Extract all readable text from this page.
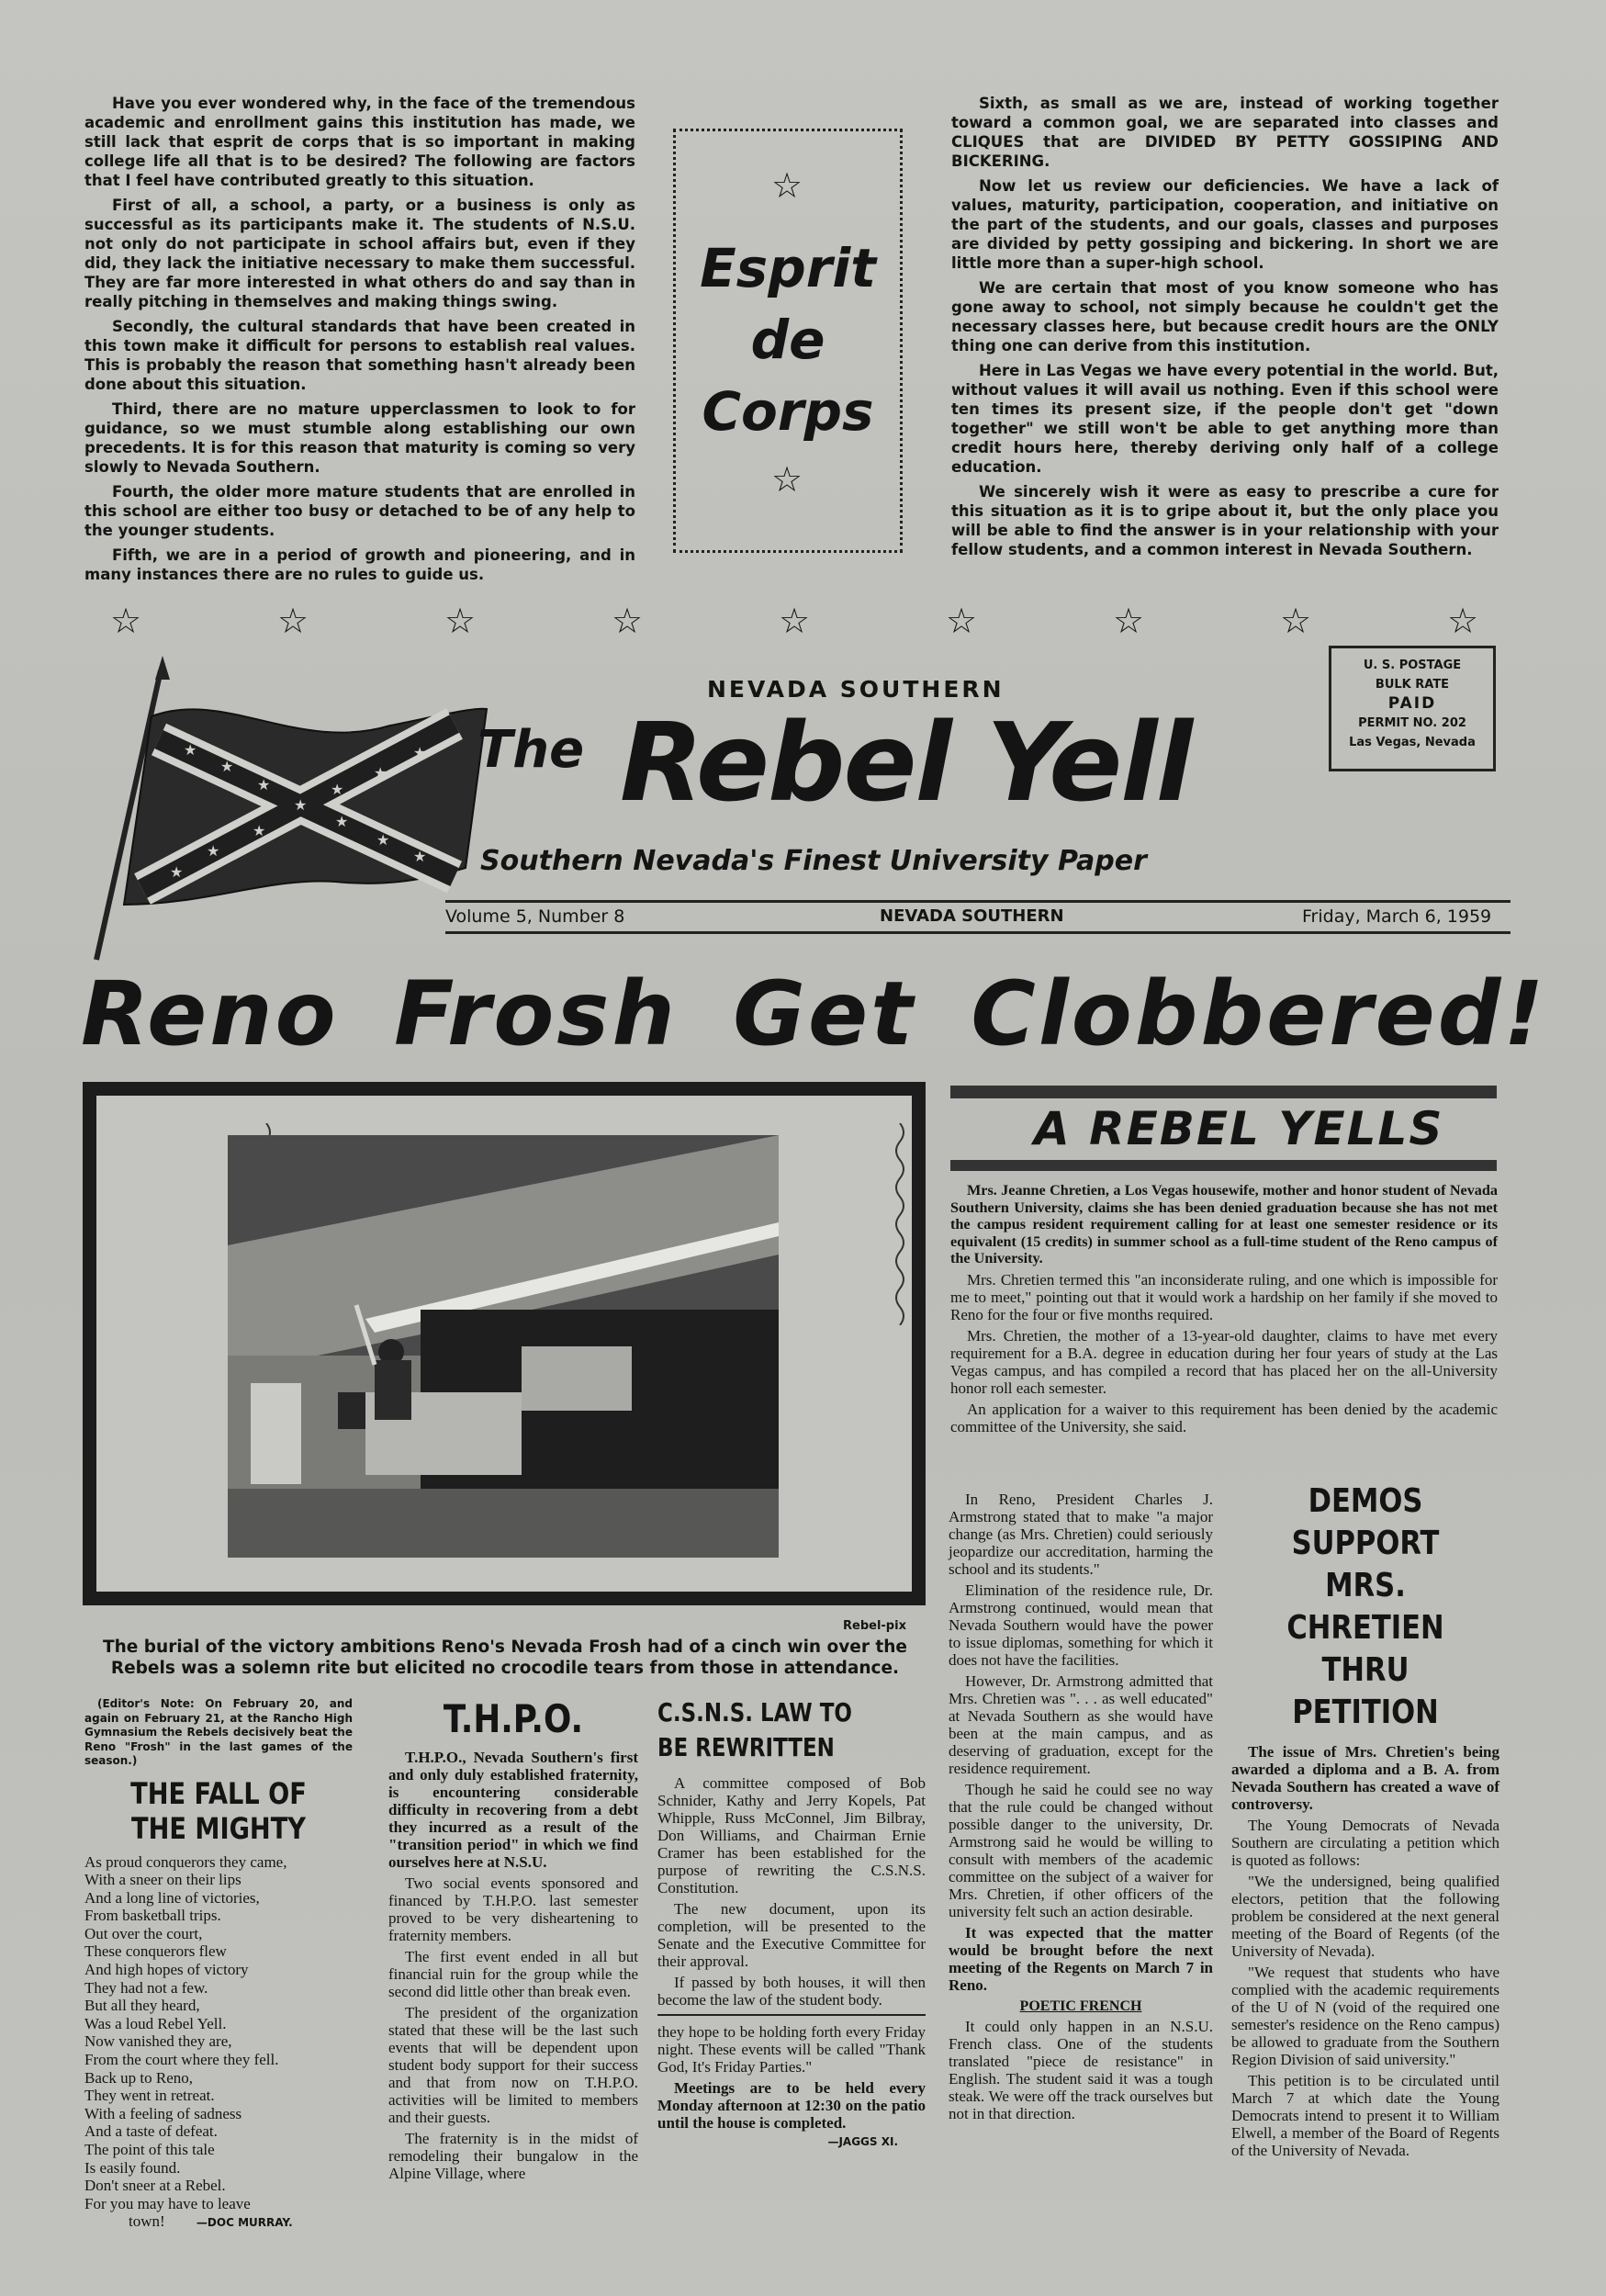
Have you ever wondered why, in the face of the tremendous academic and enrollment gains this institution has made, we still lack that esprit de corps that is so important in making college life all that is to be desired? The following are factors that I feel have contributed greatly to this situation.

First of all, a school, a party, or a business is only as successful as its participants make it. The students of N.S.U. not only do not participate in school affairs but, even if they did, they lack the initiative necessary to make them successful. They are far more interested in what others do and say than in really pitching in themselves and making things swing.

Secondly, the cultural standards that have been created in this town make it difficult for persons to establish real values. This is probably the reason that something hasn't already been done about this situation.

Third, there are no mature upperclassmen to look to for guidance, so we must stumble along establishing our own precedents. It is for this reason that maturity is coming so very slowly to Nevada Southern.

Fourth, the older more mature students that are enrolled in this school are either too busy or detached to be of any help to the younger students.

Fifth, we are in a period of growth and pioneering, and in many instances there are no rules to guide us.

☆
Esprit
de
Corps
☆

Sixth, as small as we are, instead of working together toward a common goal, we are separated into classes and CLIQUES that are DIVIDED BY PETTY GOSSIPING AND BICKERING.

Now let us review our deficiencies. We have a lack of values, maturity, participation, cooperation, and initiative on the part of the students, and our goals, classes and purposes are divided by petty gossiping and bickering. In short we are little more than a super-high school.

We are certain that most of you know someone who has gone away to school, not simply because he couldn't get the necessary classes here, but because credit hours are the ONLY thing one can derive from this institution.

Here in Las Vegas we have every potential in the world. But, without values it will avail us nothing. Even if this school were ten times its present size, if the people don't get "down together" we still won't be able to get anything more than credit hours here, thereby deriving only half of a college education.

We sincerely wish it were as easy to prescribe a cure for this situation as it is to gripe about it, but the only place you will be able to find the answer is in your relationship with your fellow students, and a common interest in Nevada Southern.

☆	☆	☆	☆	☆	☆	☆	☆	☆
★
★
★
★
★
★
★
★
★
★
★
★
★
NEVADA SOUTHERN
The Rebel Yell
Southern Nevada's Finest University Paper
U. S. POSTAGE
BULK RATE
PAID
PERMIT NO. 202
Las Vegas, Nevada
Volume 5, Number 8	NEVADA SOUTHERN	Friday, March 6, 1959
Reno Frosh Get Clobbered!
Rebel-pix
The burial of the victory ambitions Reno's Nevada Frosh had of a cinch win over the Rebels was a solemn rite but elicited no crocodile tears from those in attendance.
A REBEL YELLS

Mrs. Jeanne Chretien, a Los Vegas housewife, mother and honor student of Nevada Southern University, claims she has been denied graduation because she has not met the campus resident requirement calling for at least one semester residence or its equivalent (15 credits) in summer school as a full-time student of the Reno campus of the University.

Mrs. Chretien termed this "an inconsiderate ruling, and one which is impossible for me to meet," pointing out that it would work a hardship on her family if she moved to Reno for the four or five months required.

Mrs. Chretien, the mother of a 13-year-old daughter, claims to have met every requirement for a B.A. degree in education during her four years of study at the Las Vegas campus, and has compiled a record that has placed her on the all-University honor roll each semester.

An application for a waiver to this requirement has been denied by the academic committee of the University, she said.

In Reno, President Charles J. Armstrong stated that to make "a major change (as Mrs. Chretien) could seriously jeopardize our accreditation, harming the school and its students."

Elimination of the residence rule, Dr. Armstrong continued, would mean that Nevada Southern would have the power to issue diplomas, something for which it does not have the facilities.

However, Dr. Armstrong admitted that Mrs. Chretien was ". . . as well educated" at Nevada Southern as she would have been at the main campus, and as deserving of graduation, except for the residence requirement.

Though he said he could see no way that the rule could be changed without possible danger to the university, Dr. Armstrong said he would be willing to consult with members of the academic committee on the subject of a waiver for Mrs. Chretien, if other officers of the university felt such an action desirable.

It was expected that the matter would be brought before the next meeting of the Regents on March 7 in Reno.

POETIC FRENCH

It could only happen in an N.S.U. French class. One of the students translated "piece de resistance" in English. The student said it was a tough steak. We were off the track ourselves but not in that direction.

DEMOS SUPPORT
MRS. CHRETIEN
THRU PETITION

The issue of Mrs. Chretien's being awarded a diploma and a B. A. from Nevada Southern has created a wave of controversy.

The Young Democrats of Nevada Southern are circulating a petition which is quoted as follows:

"We the undersigned, being qualified electors, petition that the following problem be considered at the next general meeting of the Board of Regents (of the University of Nevada).

"We request that students who have complied with the academic requirements of the U of N (void of the required one semester's residence on the Reno campus) be allowed to graduate from the Southern Region Division of said university."

This petition is to be circulated until March 7 at which date the Young Democrats intend to present it to William Elwell, a member of the Board of Regents of the University of Nevada.

(Editor's Note: On February 20, and again on February 21, at the Rancho High Gymnasium the Rebels decisively beat the Reno "Frosh" in the last games of the season.)
THE FALL OF
THE MIGHTY
As proud conquerors they came,
With a sneer on their lips
And a long line of victories,
From basketball trips.
Out over the court,
These conquerors flew
And high hopes of victory
They had not a few.
But all they heard,
Was a loud Rebel Yell.
Now vanished they are,
From the court where they fell.
Back up to Reno,
They went in retreat.
With a feeling of sadness
And a taste of defeat.
The point of this tale
Is easily found.
Don't sneer at a Rebel.
For you may have to leave
town!	—DOC MURRAY.
T.H.P.O.

T.H.P.O., Nevada Southern's first and only duly established fraternity, is encountering considerable difficulty in recovering from a debt they incurred as a result of the "transition period" in which we find ourselves here at N.S.U.

Two social events sponsored and financed by T.H.P.O. last semester proved to be very disheartening to fraternity members.

The first event ended in all but financial ruin for the group while the second did little other than break even.

The president of the organization stated that these will be the last such events that will be dependent upon student body support for their success and that from now on T.H.P.O. activities will be limited to members and their guests.

The fraternity is in the midst of remodeling their bungalow in the Alpine Village, where

C.S.N.S. LAW TO
BE REWRITTEN

A committee composed of Bob Schnider, Kathy and Jerry Kopels, Pat Whipple, Russ McConnel, Jim Bilbray, Don Williams, and Chairman Ernie Cramer has been established for the purpose of rewriting the C.S.N.S. Constitution.

The new document, upon its completion, will be presented to the Senate and the Executive Committee for their approval.

If passed by both houses, it will then become the law of the student body.

they hope to be holding forth every Friday night. These events will be called "Thank God, It's Friday Parties."

Meetings are to be held every Monday afternoon at 12:30 on the patio until the house is completed.

—JAGGS XI.
